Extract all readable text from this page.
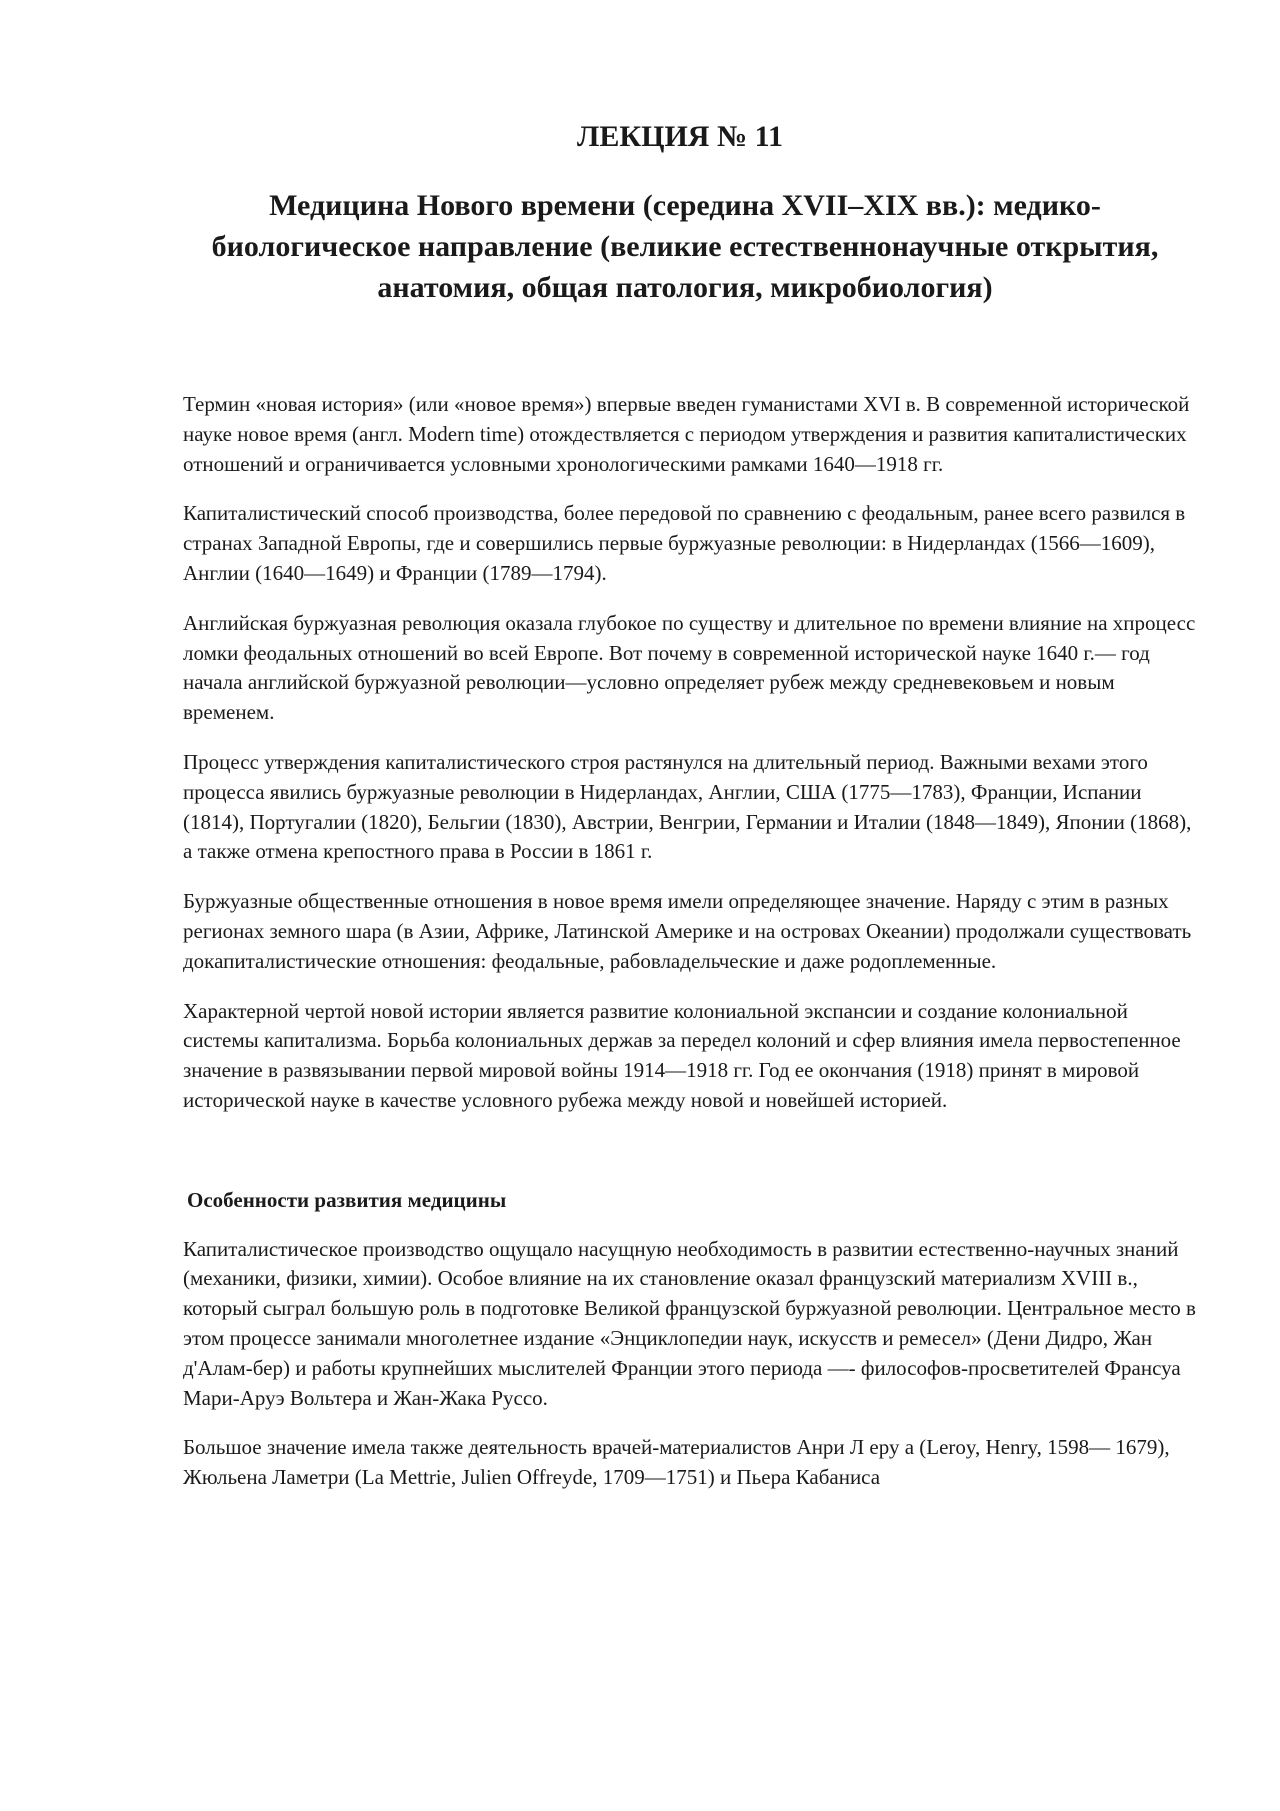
ЛЕКЦИЯ № 11
Медицина Нового времени (середина XVII–XIX вв.): медико-биологическое направление (великие естественнонаучные открытия, анатомия, общая патология, микробиология)

Термин «новая история» (или «новое время») впервые введен гуманистами XVI в. В современной исторической науке новое время (англ. Modern time) отождествляется с периодом утверждения и развития капиталистических отношений и ограничивается условными хронологическими рамками 1640—1918 гг.

Капиталистический способ производства, более передовой по сравнению с феодальным, ранее всего развился в странах Западной Европы, где и совершились первые буржуазные революции: в Нидерландах (1566—1609), Англии (1640—1649) и Франции (1789—1794).

Английская буржуазная революция оказала глубокое по существу и длительное по времени влияние на хпроцесс ломки феодальных отношений во всей Европе. Вот почему в современной исторической науке 1640 г.— год начала английской буржуазной революции—условно определяет рубеж между средневековьем и новым временем.

Процесс утверждения капиталистического строя растянулся на длительный период. Важными вехами этого процесса явились буржуазные революции в Нидерландах, Англии, США (1775—1783), Франции, Испании (1814), Португалии (1820), Бельгии (1830), Австрии, Венгрии, Германии и Италии (1848—1849), Японии (1868), а также отмена крепостного права в России в 1861 г.

Буржуазные общественные отношения в новое время имели определяющее значение. Наряду с этим в разных регионах земного шара (в Азии, Африке, Латинской Америке и на островах Океании) продолжали существовать докапиталистические отношения: феодальные, рабовладельческие и даже родоплеменные.

Характерной чертой новой истории является развитие колониальной экспансии и создание колониальной системы капитализма. Борьба колониальных держав за передел колоний и сфер влияния имела первостепенное значение в развязывании первой мировой войны 1914—1918 гг. Год ее окончания (1918) принят в мировой исторической науке в качестве условного рубежа между новой и новейшей историей.

Особенности развития медицины

Капиталистическое производство ощущало насущную необходимость в развитии естественно-научных знаний (механики, физики, химии). Особое влияние на их становление оказал французский материализм XVIII в., который сыграл большую роль в подготовке Великой французской буржуазной революции. Центральное место в этом процессе занимали многолетнее издание «Энциклопедии наук, искусств и ремесел» (Дени Дидро, Жан д'Алам-бер) и работы крупнейших мыслителей Франции этого периода —- философов-просветителей Франсуа Мари-Аруэ Вольтера и Жан-Жака Руссо.

Большое значение имела также деятельность врачей-материалистов Анри Л еру а (Leroy, Henry, 1598— 1679), Жюльена Ламетри (La Mettrie, Julien Offreyde, 1709—1751) и Пьера Кабаниса
